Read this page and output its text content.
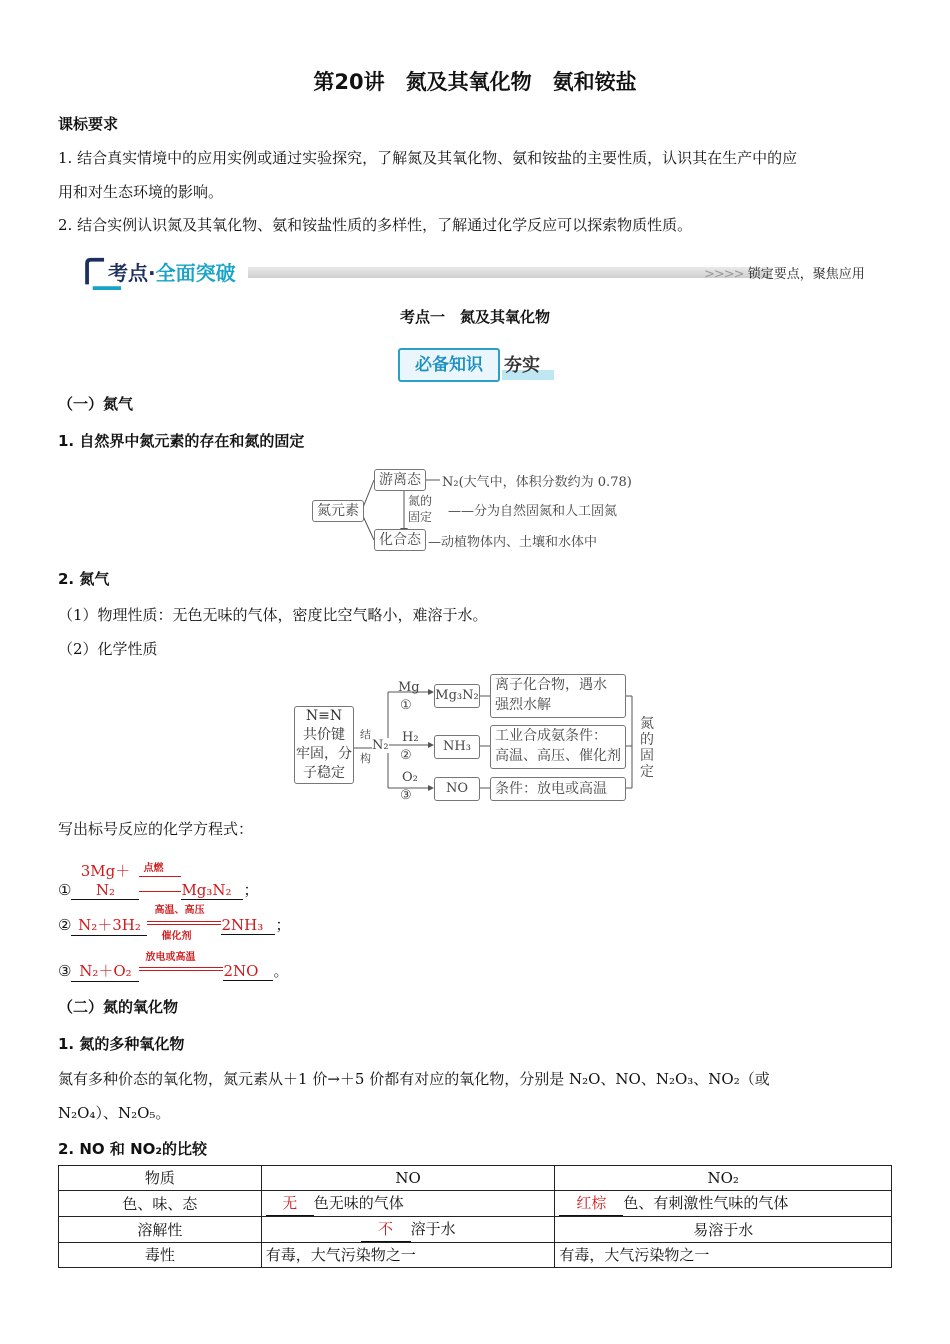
第20讲　氮及其氧化物　氨和铵盐
课标要求
1. 结合真实情境中的应用实例或通过实验探究，了解氮及其氧化物、氨和铵盐的主要性质，认识其在生产中的应
用和对生态环境的影响。
2. 结合实例认识氮及其氧化物、氨和铵盐性质的多样性，了解通过化学反应可以探索物质性质。
考点·全面突破	>>>> 锁定要点，聚焦应用
考点一　氮及其氧化物
必备知识	夯实
（一）氮气
1. 自然界中氮元素的存在和氮的固定
氮元素
游离态	N₂(大气中，体积分数约为 0.78)
氮的
固定 ——分为自然固氮和人工固氮
化合态 —动植物体内、土壤和水体中
2. 氮气
（1）物理性质：无色无味的气体，密度比空气略小，难溶于水。
（2）化学性质
N≡N
共价键
牢固，分
子稳定
结
构
N₂
Mg
①
Mg₃N₂
离子化合物，遇水
强烈水解
H₂
②
NH₃
工业合成氨条件：
高温、高压、催化剂
O₂
③	NO	条件：放电或高温
氮
的
固
定
写出标号反应的化学方程式：
①3Mg＋N₂
点燃
Mg₃N₂ ；
② N₂＋3H₂
高温、高压
催化剂
2NH₃ ；
③ N₂＋O₂
放电或高温
2NO 。
（二）氮的氧化物
1. 氮的多种氧化物
氮有多种价态的氧化物，氮元素从＋1 价→＋5 价都有对应的氧化物，分别是 N₂O、NO、N₂O₃、NO₂（或
N₂O₄）、N₂O₅。
2. NO 和 NO₂的比较
物质	NO	NO₂
色、味、态	无 色无味的气体	红棕 色、有刺激性气味的气体
溶解性	不 溶于水	易溶于水
毒性	有毒，大气污染物之一	有毒，大气污染物之一
